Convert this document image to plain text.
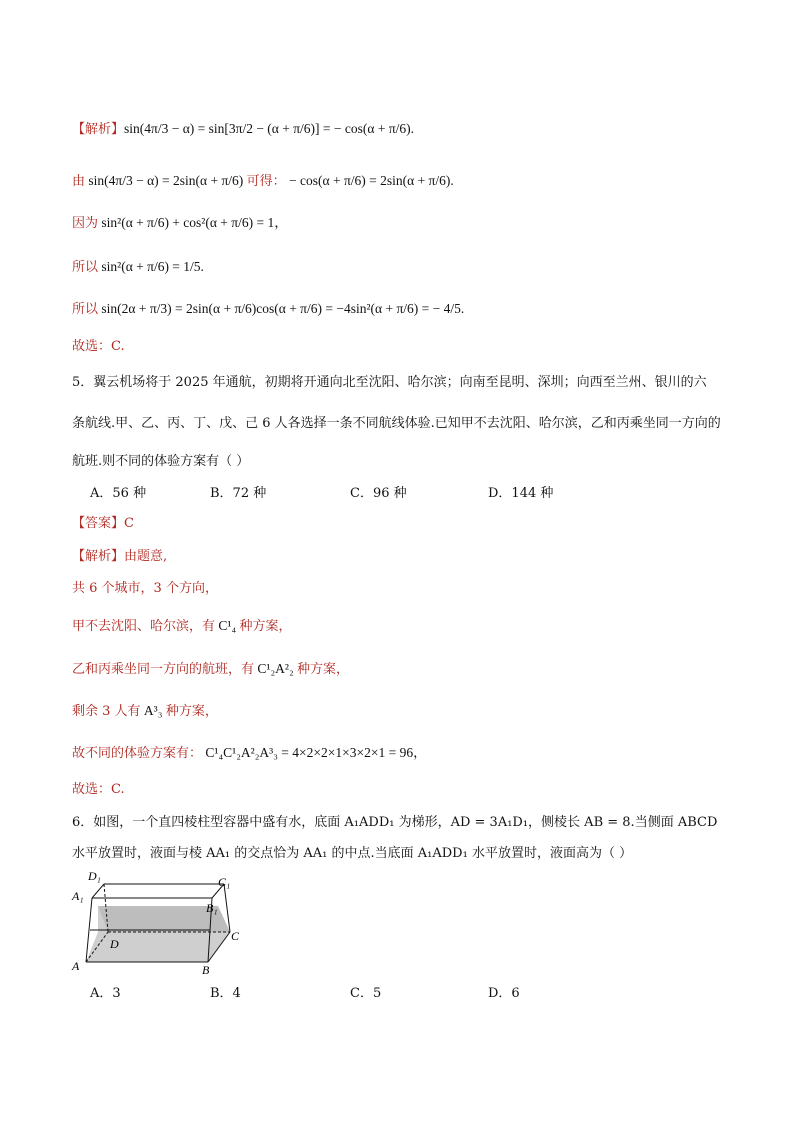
【解析】sin(4π/3 − α) = sin[3π/2 − (α + π/6)] = − cos(α + π/6).
由 sin(4π/3 − α) = 2sin(α + π/6) 可得： − cos(α + π/6) = 2sin(α + π/6).
因为 sin²(α + π/6) + cos²(α + π/6) = 1，
所以 sin²(α + π/6) = 1/5.
所以 sin(2α + π/3) = 2sin(α + π/6)cos(α + π/6) = −4sin²(α + π/6) = − 4/5.
故选：C.
5．翼云机场将于 2025 年通航，初期将开通向北至沈阳、哈尔滨；向南至昆明、深圳；向西至兰州、银川的六
条航线.甲、乙、丙、丁、戊、己 6 人各选择一条不同航线体验.已知甲不去沈阳、哈尔滨，乙和丙乘坐同一方向的
航班.则不同的体验方案有（ ）
A．56 种	B．72 种	C．96 种	D．144 种
【答案】C
【解析】由题意,
共 6 个城市，3 个方向，
甲不去沈阳、哈尔滨，有 C¹₄ 种方案，
乙和丙乘坐同一方向的航班，有 C¹₂A²₂ 种方案，
剩余 3 人有 A³₃ 种方案，
故不同的体验方案有： C¹₄C¹₂A²₂A³₃ = 4×2×2×1×3×2×1 = 96，
故选：C.
6．如图，一个直四棱柱型容器中盛有水，底面 A₁ADD₁ 为梯形，AD = 3A₁D₁，侧棱长 AB = 8.当侧面 ABCD
水平放置时，液面与棱 AA₁ 的交点恰为 AA₁ 的中点.当底面 A₁ADD₁ 水平放置时，液面高为（ ）
D₁	C₁
A₁
B₁
A	B
C
D
A．3	B．4	C．5	D．6
